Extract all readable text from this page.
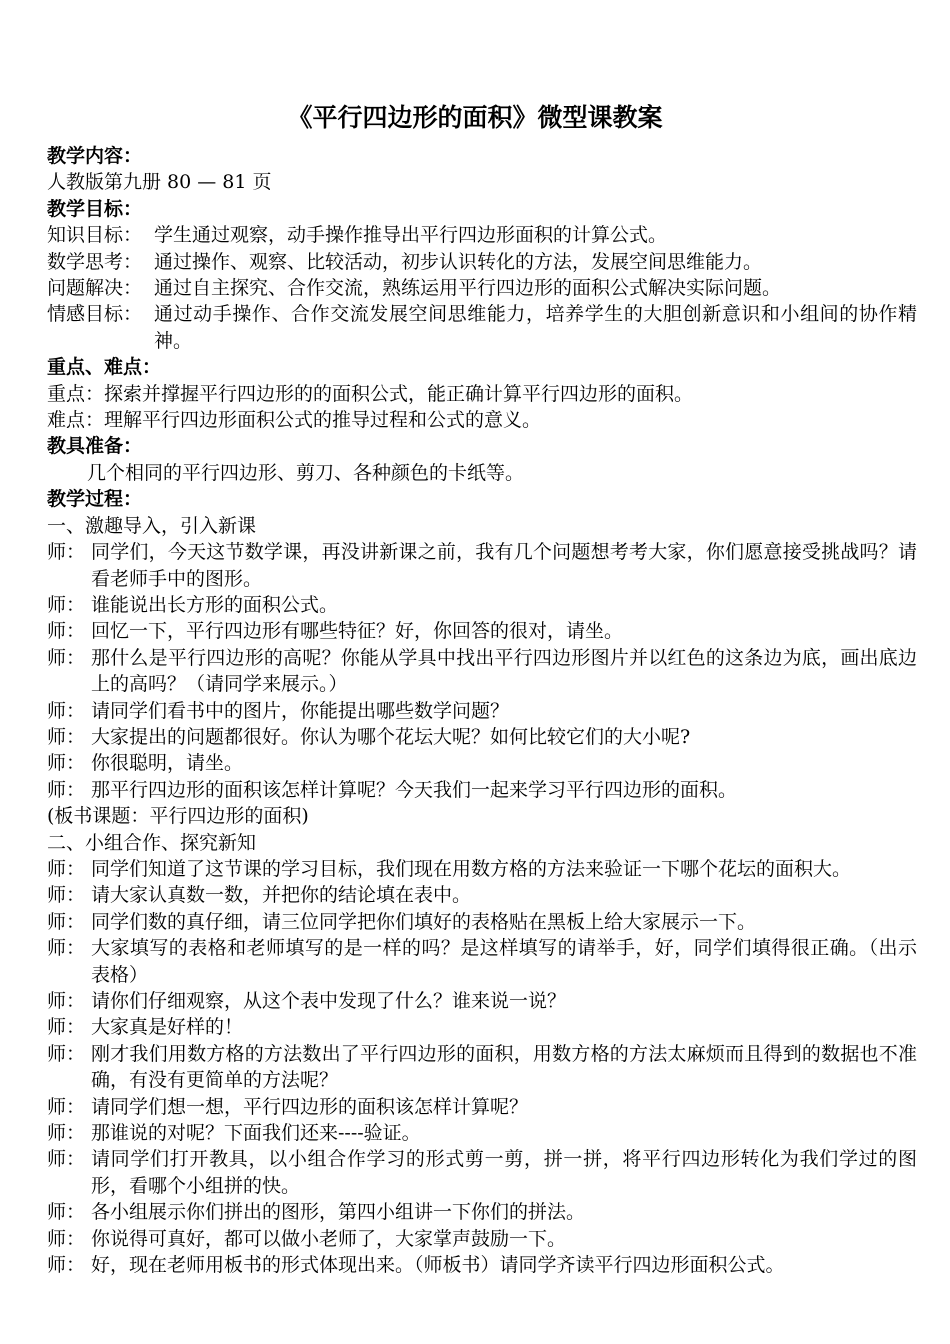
《平行四边形的面积》微型课教案
教学内容：
人教版第九册 80 — 81 页
教学目标：
知识目标： 学生通过观察，动手操作推导出平行四边形面积的计算公式。
数学思考： 通过操作、观察、比较活动，初步认识转化的方法，发展空间思维能力。
问题解决： 通过自主探究、合作交流，熟练运用平行四边形的面积公式解决实际问题。
情感目标： 通过动手操作、合作交流发展空间思维能力，培养学生的大胆创新意识和小组间的协作精神。
重点、难点：
重点：探索并撑握平行四边形的的面积公式，能正确计算平行四边形的面积。
难点：理解平行四边形面积公式的推导过程和公式的意义。
教具准备：
几个相同的平行四边形、剪刀、各种颜色的卡纸等。
教学过程：
一、激趣导入，引入新课
师： 同学们，今天这节数学课，再没讲新课之前，我有几个问题想考考大家，你们愿意接受挑战吗？请看老师手中的图形。
师： 谁能说出长方形的面积公式。
师： 回忆一下，平行四边形有哪些特征？好，你回答的很对，请坐。
师： 那什么是平行四边形的高呢？你能从学具中找出平行四边形图片并以红色的这条边为底，画出底边上的高吗？（请同学来展示。）
师： 请同学们看书中的图片，你能提出哪些数学问题？
师： 大家提出的问题都很好。你认为哪个花坛大呢？如何比较它们的大小呢?
师： 你很聪明，请坐。
师： 那平行四边形的面积该怎样计算呢？今天我们一起来学习平行四边形的面积。
(板书课题：平行四边形的面积)
二、小组合作、探究新知
师： 同学们知道了这节课的学习目标，我们现在用数方格的方法来验证一下哪个花坛的面积大。
师： 请大家认真数一数，并把你的结论填在表中。
师： 同学们数的真仔细，请三位同学把你们填好的表格贴在黑板上给大家展示一下。
师： 大家填写的表格和老师填写的是一样的吗？是这样填写的请举手，好，同学们填得很正确。（出示表格）
师： 请你们仔细观察，从这个表中发现了什么？谁来说一说？
师： 大家真是好样的！
师： 刚才我们用数方格的方法数出了平行四边形的面积，用数方格的方法太麻烦而且得到的数据也不准确，有没有更简单的方法呢？
师： 请同学们想一想，平行四边形的面积该怎样计算呢？
师： 那谁说的对呢？下面我们还来----验证。
师： 请同学们打开教具，以小组合作学习的形式剪一剪，拼一拼，将平行四边形转化为我们学过的图形，看哪个小组拼的快。
师： 各小组展示你们拼出的图形，第四小组讲一下你们的拼法。
师： 你说得可真好，都可以做小老师了，大家掌声鼓励一下。
师： 好，现在老师用板书的形式体现出来。（师板书）请同学齐读平行四边形面积公式。
